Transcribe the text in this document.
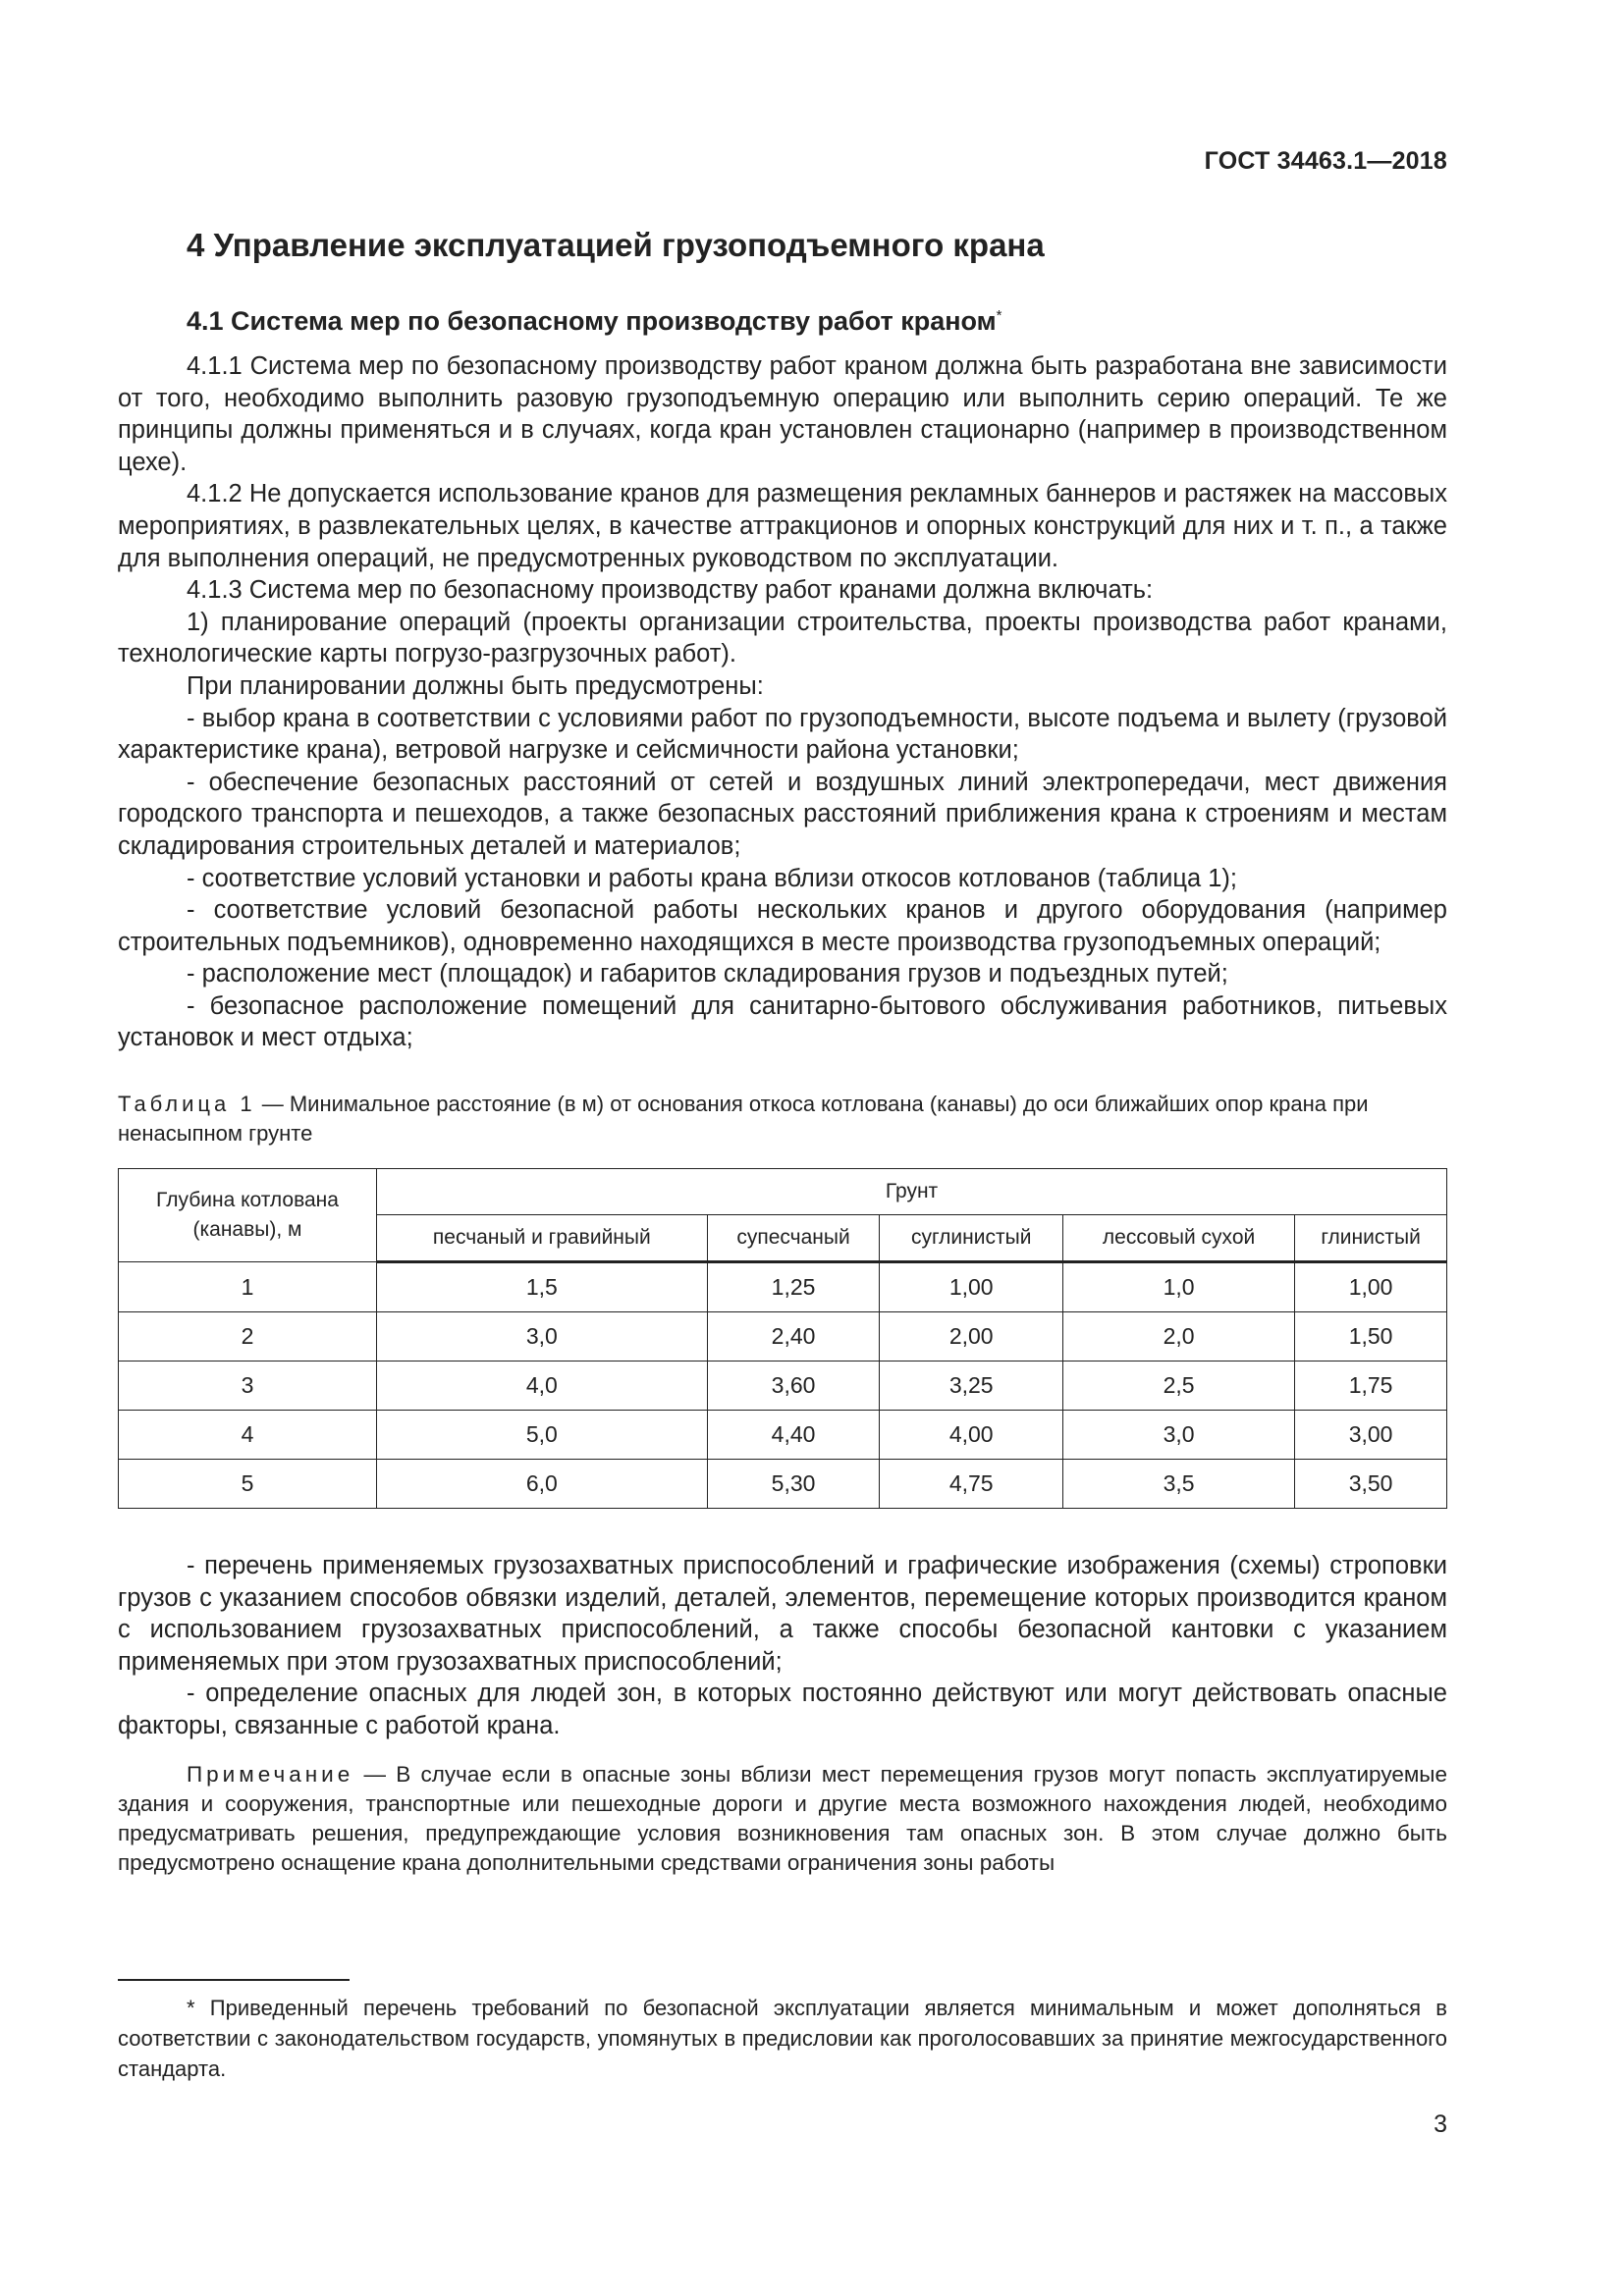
ГОСТ 34463.1—2018
4 Управление эксплуатацией грузоподъемного крана
4.1 Система мер по безопасному производству работ краном*

4.1.1 Система мер по безопасному производству работ краном должна быть разработана вне зависимости от того, необходимо выполнить разовую грузоподъемную операцию или выполнить серию операций. Те же принципы должны применяться и в случаях, когда кран установлен стационарно (например в производственном цехе).

4.1.2 Не допускается использование кранов для размещения рекламных баннеров и растяжек на массовых мероприятиях, в развлекательных целях, в качестве аттракционов и опорных конструкций для них и т. п., а также для выполнения операций, не предусмотренных руководством по эксплуатации.

4.1.3 Система мер по безопасному производству работ кранами должна включать:

1) планирование операций (проекты организации строительства, проекты производства работ кранами, технологические карты погрузо-разгрузочных работ).

При планировании должны быть предусмотрены:

- выбор крана в соответствии с условиями работ по грузоподъемности, высоте подъема и вылету (грузовой характеристике крана), ветровой нагрузке и сейсмичности района установки;

- обеспечение безопасных расстояний от сетей и воздушных линий электропередачи, мест движения городского транспорта и пешеходов, а также безопасных расстояний приближения крана к строениям и местам складирования строительных деталей и материалов;

- соответствие условий установки и работы крана вблизи откосов котлованов (таблица 1);

- соответствие условий безопасной работы нескольких кранов и другого оборудования (например строительных подъемников), одновременно находящихся в месте производства грузоподъемных операций;

- расположение мест (площадок) и габаритов складирования грузов и подъездных путей;

- безопасное расположение помещений для санитарно-бытового обслуживания работников, питьевых установок и мест отдыха;

Таблица 1 — Минимальное расстояние (в м) от основания откоса котлована (канавы) до оси ближайших опор крана при ненасыпном грунте

Глубина котлована (канавы), м	Грунт				
	песчаный и гравийный	супесчаный	суглинистый	лессовый сухой	глинистый
1	1,5	1,25	1,00	1,0	1,00
2	3,0	2,40	2,00	2,0	1,50
3	4,0	3,60	3,25	2,5	1,75
4	5,0	4,40	4,00	3,0	3,00
5	6,0	5,30	4,75	3,5	3,50

- перечень применяемых грузозахватных приспособлений и графические изображения (схемы) строповки грузов с указанием способов обвязки изделий, деталей, элементов, перемещение которых производится краном с использованием грузозахватных приспособлений, а также способы безопасной кантовки с указанием применяемых при этом грузозахватных приспособлений;

- определение опасных для людей зон, в которых постоянно действуют или могут действовать опасные факторы, связанные с работой крана.

Примечание — В случае если в опасные зоны вблизи мест перемещения грузов могут попасть эксплуатируемые здания и сооружения, транспортные или пешеходные дороги и другие места возможного нахождения людей, необходимо предусматривать решения, предупреждающие условия возникновения там опасных зон. В этом случае должно быть предусмотрено оснащение крана дополнительными средствами ограничения зоны работы

* Приведенный перечень требований по безопасной эксплуатации является минимальным и может дополняться в соответствии с законодательством государств, упомянутых в предисловии как проголосовавших за принятие межгосударственного стандарта.

3
